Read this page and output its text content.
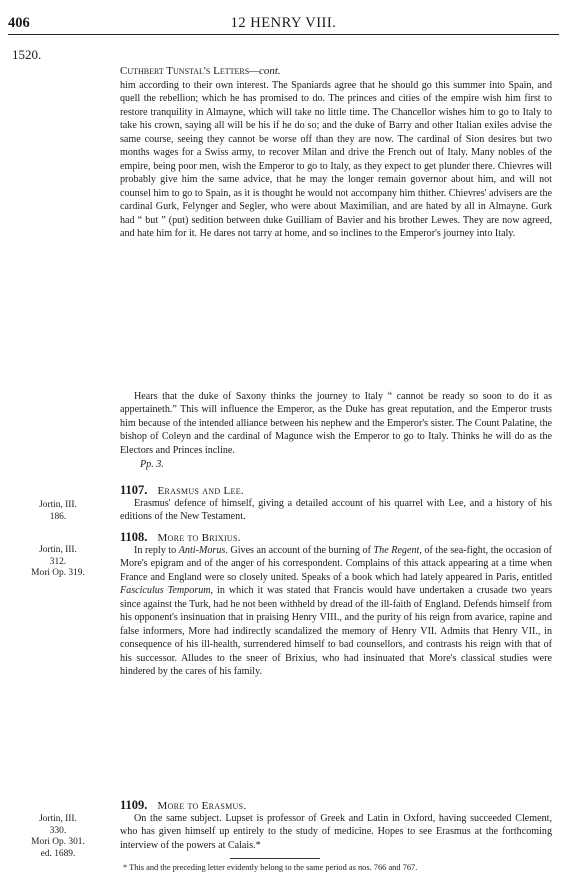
406	12 HENRY VIII.
1520.
Cuthbert Tunstal's Letters—cont.

him according to their own interest. The Spaniards agree that he should go this summer into Spain, and quell the rebellion; which he has promised to do. The princes and cities of the empire wish him first to restore tranquility in Almayne, which will take no little time. The Chancellor wishes him to go to Italy to take his crown, saying all will be his if he do so; and the duke of Barry and other Italian exiles advise the same course, seeing they cannot be worse off than they are now. The cardinal of Sion desires but two months wages for a Swiss army, to recover Milan and drive the French out of Italy. Many nobles of the empire, being poor men, wish the Emperor to go to Italy, as they expect to get plunder there. Chievres will probably give him the same advice, that he may the longer remain governor about him, and will not counsel him to go to Spain, as it is thought he would not accompany him thither. Chievres' advisers are the cardinal Gurk, Felynger and Segler, who were about Maximilian, and are hated by all in Almayne. Gurk had “ but ” (put) sedition between duke Guilliam of Bavier and his brother Lewes. They are now agreed, and hate him for it. He dares not tarry at home, and so inclines to the Emperor's journey into Italy.

Hears that the duke of Saxony thinks the journey to Italy “ cannot be ready so soon to do it as appertaineth.” This will influence the Emperor, as the Duke has great reputation, and the Emperor trusts him because of the intended alliance between his nephew and the Emperor's sister. The Count Palatine, the bishop of Coleyn and the cardinal of Magunce wish the Emperor to go to Italy. Thinks he will do as the Electors and Princes incline.

Pp. 3.
1107. Erasmus and Lee.
Jortin, III.
186.

Erasmus' defence of himself, giving a detailed account of his quarrel with Lee, and a history of his editions of the New Testament.

1108. More to Brixius.
Jortin, III.
312.
Mori Op. 319.

In reply to Anti-Morus. Gives an account of the burning of The Regent, of the sea-fight, the occasion of More's epigram and of the anger of his correspondent. Complains of this attack appearing at a time when France and England were so closely united. Speaks of a book which had lately appeared in Paris, entitled Fasciculus Temporum, in which it was stated that Francis would have undertaken a crusade two years since against the Turk, had he not been withheld by dread of the ill-faith of England. Defends himself from his opponent's insinuation that in praising Henry VIII., and the purity of his reign from avarice, rapine and false informers, More had indirectly scandalized the memory of Henry VII. Admits that Henry VII., in consequence of his ill-health, surrendered himself to bad counsellors, and contrasts his reign with that of his successor. Alludes to the sneer of Brixius, who had insinuated that More's classical studies were hindered by the cares of his family.

1109. More to Erasmus.
Jortin, III.
330.
Mori Op. 301.
ed. 1689.

On the same subject. Lupset is professor of Greek and Latin in Oxford, having succeeded Clement, who has given himself up entirely to the study of medicine. Hopes to see Erasmus at the forthcoming interview of the powers at Calais.*

* This and the preceding letter evidently belong to the same period as nos. 766 and 767.
